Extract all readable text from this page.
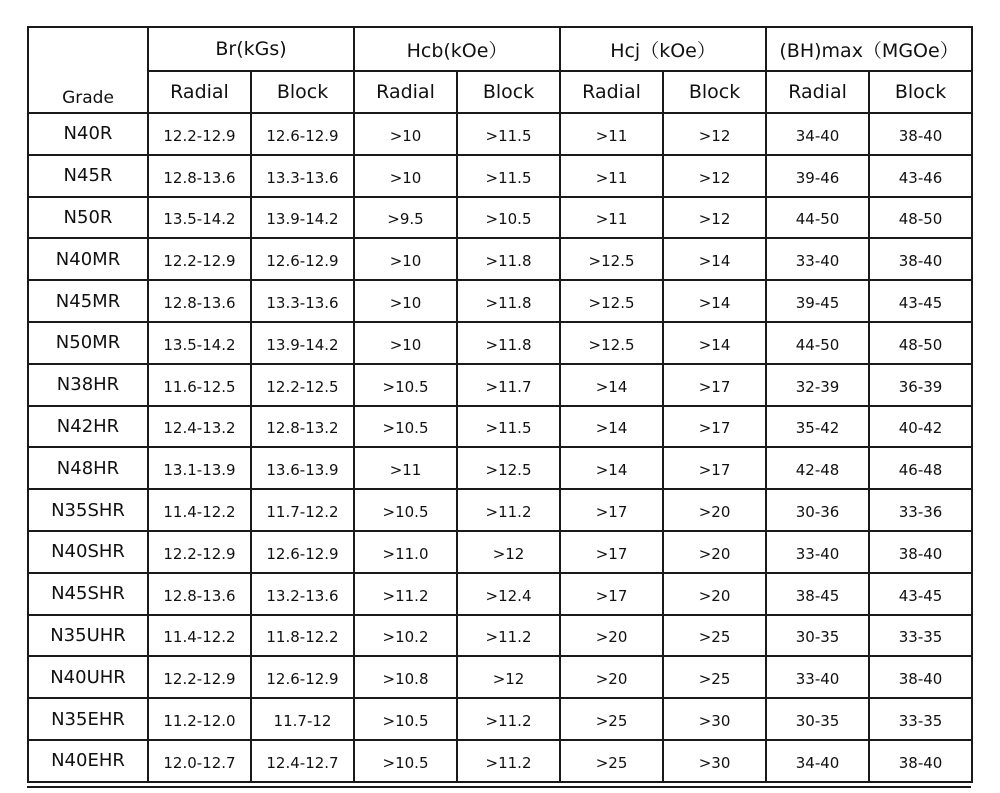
Grade	Br(kGs)		Hcb(kOe）		Hcj（kOe）		(BH)max（MGOe）	
	Radial	Block	Radial	Block	Radial	Block	Radial	Block
N40R	12.2-12.9	12.6-12.9	>10	>11.5	>11	>12	34-40	38-40
N45R	12.8-13.6	13.3-13.6	>10	>11.5	>11	>12	39-46	43-46
N50R	13.5-14.2	13.9-14.2	>9.5	>10.5	>11	>12	44-50	48-50
N40MR	12.2-12.9	12.6-12.9	>10	>11.8	>12.5	>14	33-40	38-40
N45MR	12.8-13.6	13.3-13.6	>10	>11.8	>12.5	>14	39-45	43-45
N50MR	13.5-14.2	13.9-14.2	>10	>11.8	>12.5	>14	44-50	48-50
N38HR	11.6-12.5	12.2-12.5	>10.5	>11.7	>14	>17	32-39	36-39
N42HR	12.4-13.2	12.8-13.2	>10.5	>11.5	>14	>17	35-42	40-42
N48HR	13.1-13.9	13.6-13.9	>11	>12.5	>14	>17	42-48	46-48
N35SHR	11.4-12.2	11.7-12.2	>10.5	>11.2	>17	>20	30-36	33-36
N40SHR	12.2-12.9	12.6-12.9	>11.0	>12	>17	>20	33-40	38-40
N45SHR	12.8-13.6	13.2-13.6	>11.2	>12.4	>17	>20	38-45	43-45
N35UHR	11.4-12.2	11.8-12.2	>10.2	>11.2	>20	>25	30-35	33-35
N40UHR	12.2-12.9	12.6-12.9	>10.8	>12	>20	>25	33-40	38-40
N35EHR	11.2-12.0	11.7-12	>10.5	>11.2	>25	>30	30-35	33-35
N40EHR	12.0-12.7	12.4-12.7	>10.5	>11.2	>25	>30	34-40	38-40
